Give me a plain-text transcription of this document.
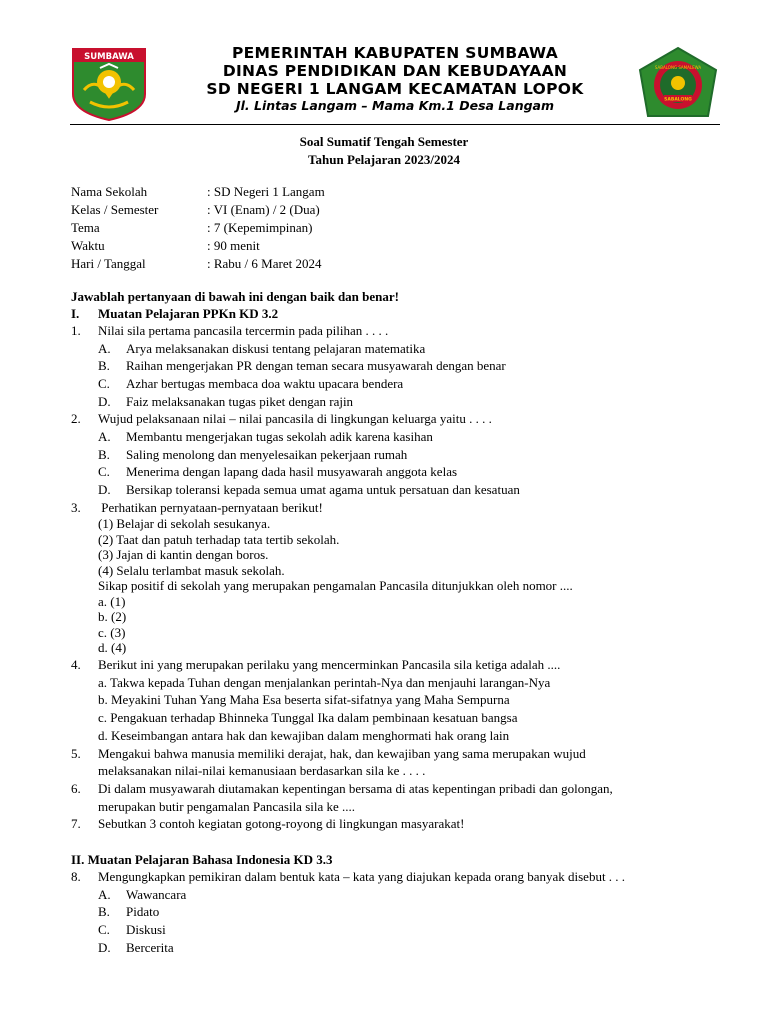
SUMBAWA	PEMERINTAH KABUPATEN SUMBAWA
DINAS PENDIDIKAN DAN KEBUDAYAAN
SD NEGERI 1 LANGAM KECAMATAN LOPOK
Jl. Lintas Langam – Mama Km.1 Desa Langam
SABALONG SAMALEWA
SABALONG
Soal Sumatif Tengah Semester
Tahun Pelajaran 2023/2024
Nama Sekolah	: SD Negeri 1 Langam
Kelas / Semester	: VI (Enam) / 2 (Dua)
Tema	: 7 (Kepemimpinan)
Waktu	: 90 menit
Hari / Tanggal	: Rabu / 6 Maret 2024
Jawablah pertanyaan di bawah ini dengan baik dan benar!
I.	Muatan Pelajaran PPKn KD 3.2
1.	Nilai sila pertama pancasila tercermin pada pilihan . . . .
A.	Arya melaksanakan diskusi tentang pelajaran matematika
B.	Raihan mengerjakan PR dengan teman secara musyawarah dengan benar
C.	Azhar bertugas membaca doa waktu upacara bendera
D.	Faiz melaksanakan tugas piket dengan rajin
2.	Wujud pelaksanaan nilai – nilai pancasila di lingkungan keluarga yaitu . . . .
A.	Membantu mengerjakan tugas sekolah adik karena kasihan
B.	Saling menolong dan menyelesaikan pekerjaan rumah
C.	Menerima dengan lapang dada hasil musyawarah anggota kelas
D.	Bersikap toleransi kepada semua umat agama untuk persatuan dan kesatuan
3.	Perhatikan pernyataan-pernyataan berikut!
(1) Belajar di sekolah sesukanya.
(2) Taat dan patuh terhadap tata tertib sekolah.
(3) Jajan di kantin dengan boros.
(4) Selalu terlambat masuk sekolah.
Sikap positif di sekolah yang merupakan pengamalan Pancasila ditunjukkan oleh nomor ....
a. (1)
b. (2)
c. (3)
d. (4)
4.	Berikut ini yang merupakan perilaku yang mencerminkan Pancasila sila ketiga adalah ....
a. Takwa kepada Tuhan dengan menjalankan perintah-Nya dan menjauhi larangan-Nya
b. Meyakini Tuhan Yang Maha Esa beserta sifat-sifatnya yang Maha Sempurna
c. Pengakuan terhadap Bhinneka Tunggal Ika dalam pembinaan kesatuan bangsa
d. Keseimbangan antara hak dan kewajiban dalam menghormati hak orang lain
5.	Mengakui bahwa manusia memiliki derajat, hak, dan kewajiban yang sama merupakan wujud
melaksanakan nilai-nilai kemanusiaan berdasarkan sila ke . . . .
6.	Di dalam musyawarah diutamakan kepentingan bersama di atas kepentingan pribadi dan golongan,
merupakan butir pengamalan Pancasila sila ke ....
7.	Sebutkan 3 contoh kegiatan gotong-royong di lingkungan masyarakat!
II. Muatan Pelajaran Bahasa Indonesia KD 3.3
8.	Mengungkapkan pemikiran dalam bentuk kata – kata yang diajukan kepada orang banyak disebut . . .
A.	Wawancara
B.	Pidato
C.	Diskusi
D.	Bercerita
